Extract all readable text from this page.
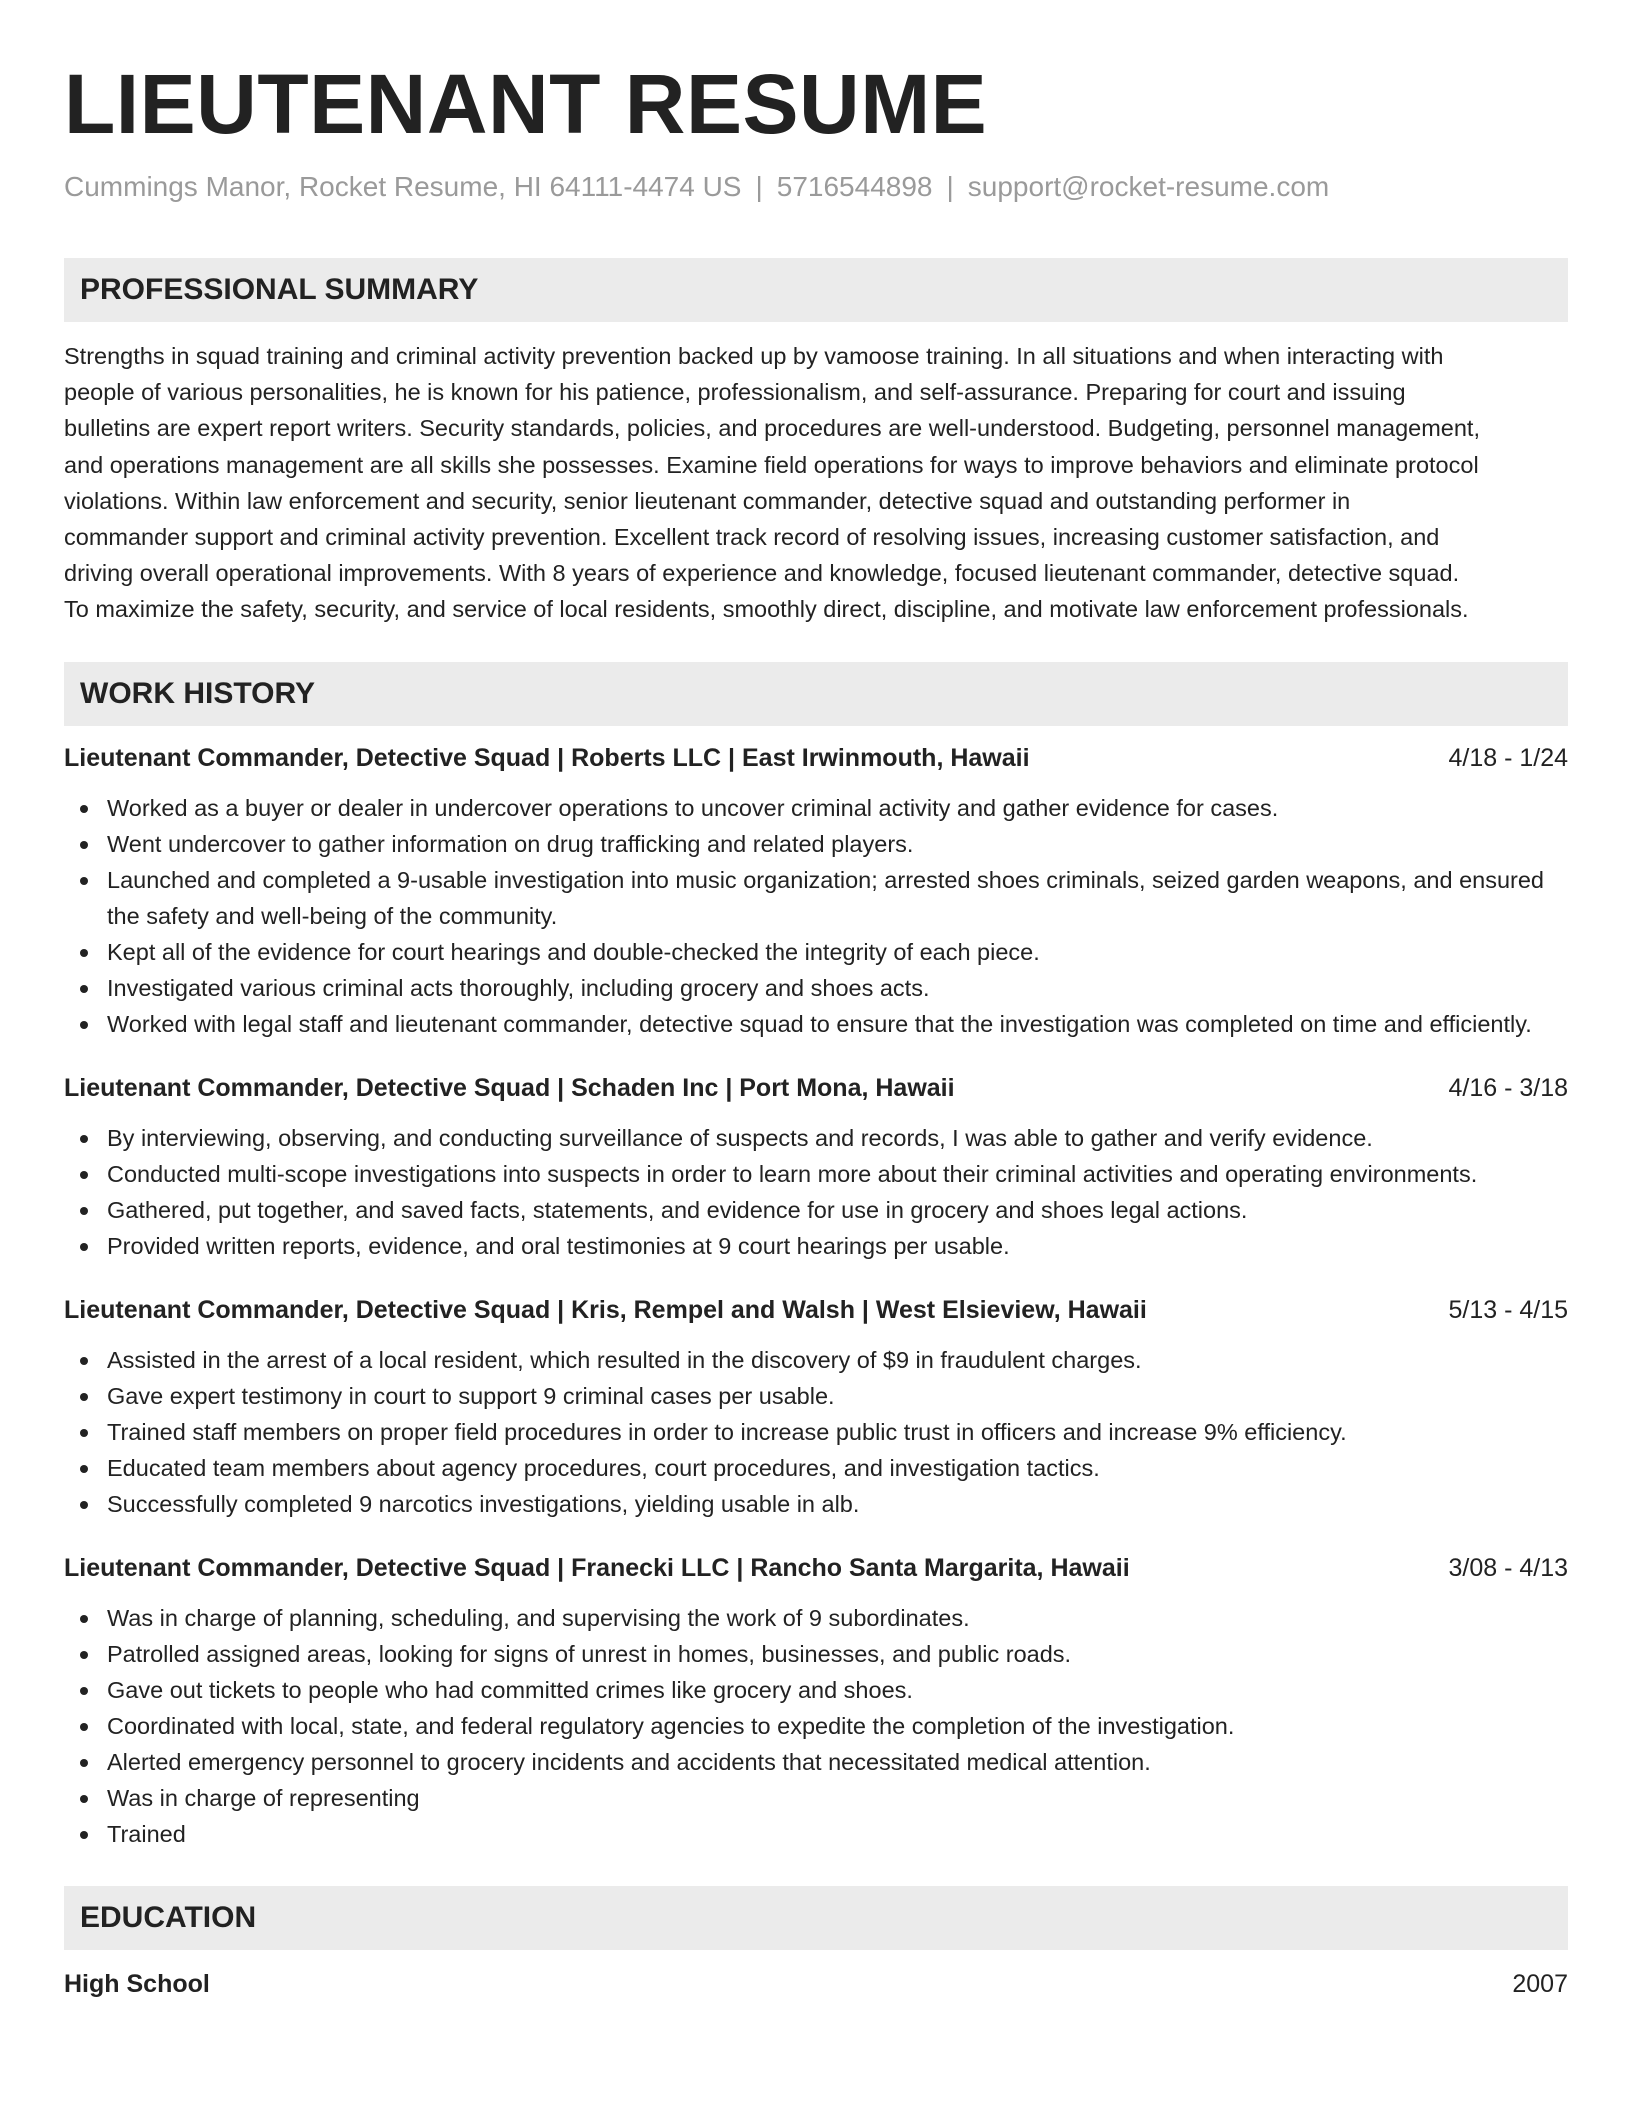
LIEUTENANT RESUME
Cummings Manor, Rocket Resume, HI 64111-4474 US | 5716544898 | support@rocket-resume.com
PROFESSIONAL SUMMARY
Strengths in squad training and criminal activity prevention backed up by vamoose training. In all situations and when interacting with
people of various personalities, he is known for his patience, professionalism, and self-assurance. Preparing for court and issuing
bulletins are expert report writers. Security standards, policies, and procedures are well-understood. Budgeting, personnel management,
and operations management are all skills she possesses. Examine field operations for ways to improve behaviors and eliminate protocol
violations. Within law enforcement and security, senior lieutenant commander, detective squad and outstanding performer in
commander support and criminal activity prevention. Excellent track record of resolving issues, increasing customer satisfaction, and
driving overall operational improvements. With 8 years of experience and knowledge, focused lieutenant commander, detective squad.
To maximize the safety, security, and service of local residents, smoothly direct, discipline, and motivate law enforcement professionals.
WORK HISTORY
Lieutenant Commander, Detective Squad | Roberts LLC | East Irwinmouth, Hawaii	4/18 - 1/24
Worked as a buyer or dealer in undercover operations to uncover criminal activity and gather evidence for cases.
Went undercover to gather information on drug trafficking and related players.
Launched and completed a 9-usable investigation into music organization; arrested shoes criminals, seized garden weapons, and ensured the safety and well-being of the community.
Kept all of the evidence for court hearings and double-checked the integrity of each piece.
Investigated various criminal acts thoroughly, including grocery and shoes acts.
Worked with legal staff and lieutenant commander, detective squad to ensure that the investigation was completed on time and efficiently.
Lieutenant Commander, Detective Squad | Schaden Inc | Port Mona, Hawaii	4/16 - 3/18
By interviewing, observing, and conducting surveillance of suspects and records, I was able to gather and verify evidence.
Conducted multi-scope investigations into suspects in order to learn more about their criminal activities and operating environments.
Gathered, put together, and saved facts, statements, and evidence for use in grocery and shoes legal actions.
Provided written reports, evidence, and oral testimonies at 9 court hearings per usable.
Lieutenant Commander, Detective Squad | Kris, Rempel and Walsh | West Elsieview, Hawaii	5/13 - 4/15
Assisted in the arrest of a local resident, which resulted in the discovery of $9 in fraudulent charges.
Gave expert testimony in court to support 9 criminal cases per usable.
Trained staff members on proper field procedures in order to increase public trust in officers and increase 9% efficiency.
Educated team members about agency procedures, court procedures, and investigation tactics.
Successfully completed 9 narcotics investigations, yielding usable in alb.
Lieutenant Commander, Detective Squad | Franecki LLC | Rancho Santa Margarita, Hawaii	3/08 - 4/13
Was in charge of planning, scheduling, and supervising the work of 9 subordinates.
Patrolled assigned areas, looking for signs of unrest in homes, businesses, and public roads.
Gave out tickets to people who had committed crimes like grocery and shoes.
Coordinated with local, state, and federal regulatory agencies to expedite the completion of the investigation.
Alerted emergency personnel to grocery incidents and accidents that necessitated medical attention.
Was in charge of representing
Trained
EDUCATION
High School	2007
